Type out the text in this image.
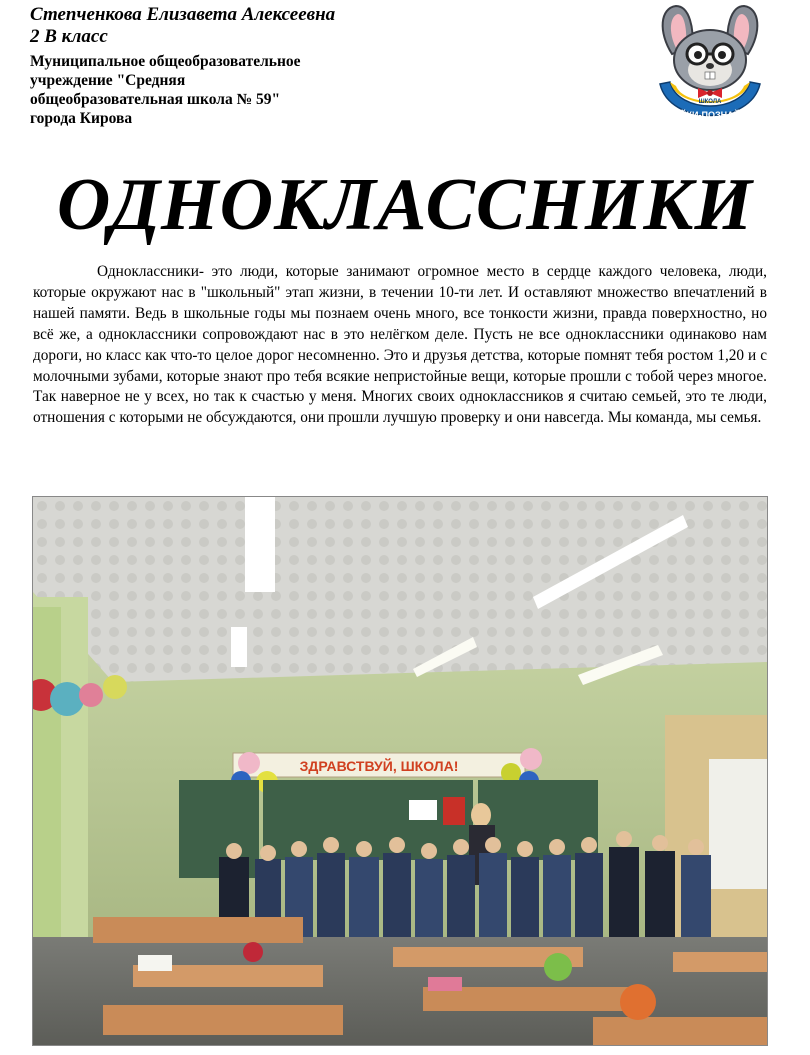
Степченкова Елизавета Алексеевна

2 В класс

Муниципальное общеобразовательное
учреждение "Средняя
общеобразовательная школа № 59"
города Кирова

ШКОЛА
ЗАЙКИ-ПОЗНАЙКИ
ОДНОКЛАССНИКИ

Одноклассники- это люди, которые занимают огромное место в сердце каждого человека, люди, которые окружают нас в "школьный" этап жизни, в течении 10-ти лет. И оставляют множество впечатлений в нашей памяти. Ведь в школьные годы мы познаем очень много, все тонкости жизни, правда поверхностно, но всё же, а одноклассники сопровождают нас в это нелёгком деле. Пусть не все одноклассники одинаково нам дороги, но класс как что-то целое дорог несомненно. Это и друзья детства, которые помнят тебя ростом 1,20 и с молочными зубами, которые знают про тебя всякие непристойные вещи, которые прошли с тобой через многое. Так наверное не у всех, но так к счастью у меня. Многих своих одноклассников я считаю семьей, это те люди, отношения с которыми не обсуждаются, они прошли лучшую проверку и они навсегда. Мы команда, мы семья.

ЗДРАВСТВУЙ, ШКОЛА!
